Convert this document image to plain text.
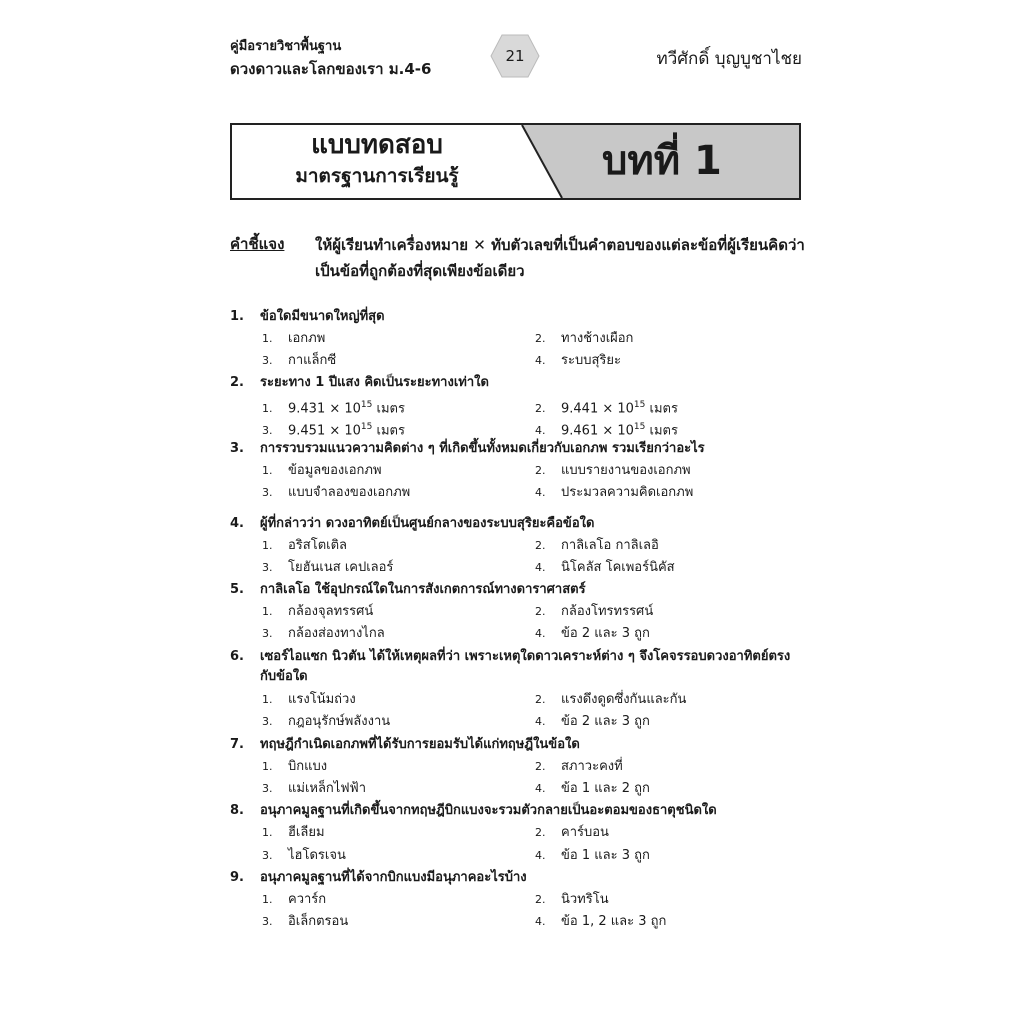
คู่มือรายวิชาพื้นฐาน
ดวงดาวและโลกของเรา ม.4-6
21	ทวีศักดิ์ บุญบูชาไชย
แบบทดสอบ
มาตรฐานการเรียนรู้	บทที่ 1
คำชี้แจง ให้ผู้เรียนทำเครื่องหมาย ✕ ทับตัวเลขที่เป็นคำตอบของแต่ละข้อที่ผู้เรียนคิดว่าเป็นข้อที่ถูกต้องที่สุดเพียงข้อเดียว
1. ข้อใดมีขนาดใหญ่ที่สุด
1. เอกภพ	2. ทางช้างเผือก
3. กาแล็กซี	4. ระบบสุริยะ
2. ระยะทาง 1 ปีแสง คิดเป็นระยะทางเท่าใด
1. $9.431 \times 10^{15}$ เมตร	2. $9.441 \times 10^{15}$ เมตร
3. $9.451 \times 10^{15}$ เมตร	4. $9.461 \times 10^{15}$ เมตร
3. การรวบรวมแนวความคิดต่าง ๆ ที่เกิดขึ้นทั้งหมดเกี่ยวกับเอกภพ รวมเรียกว่าอะไร
1. ข้อมูลของเอกภพ	2. แบบรายงานของเอกภพ
3. แบบจำลองของเอกภพ	4. ประมวลความคิดเอกภพ
4. ผู้ที่กล่าวว่า ดวงอาทิตย์เป็นศูนย์กลางของระบบสุริยะคือข้อใด
1. อริสโตเติล	2. กาลิเลโอ กาลิเลอิ
3. โยฮันเนส เคปเลอร์	4. นิโคลัส โคเพอร์นิคัส
5. กาลิเลโอ ใช้อุปกรณ์ใดในการสังเกตการณ์ทางดาราศาสตร์
1. กล้องจุลทรรศน์	2. กล้องโทรทรรศน์
3. กล้องส่องทางไกล	4. ข้อ 2 และ 3 ถูก
6. เซอร์ไอแซก นิวตัน ได้ให้เหตุผลที่ว่า เพราะเหตุใดดาวเคราะห์ต่าง ๆ จึงโคจรรอบดวงอาทิตย์ตรงกับข้อใด
1. แรงโน้มถ่วง	2. แรงดึงดูดซึ่งกันและกัน
3. กฎอนุรักษ์พลังงาน	4. ข้อ 2 และ 3 ถูก
7. ทฤษฎีกำเนิดเอกภพที่ได้รับการยอมรับได้แก่ทฤษฎีในข้อใด
1. บิกแบง	2. สภาวะคงที่
3. แม่เหล็กไฟฟ้า	4. ข้อ 1 และ 2 ถูก
8. อนุภาคมูลฐานที่เกิดขึ้นจากทฤษฎีบิกแบงจะรวมตัวกลายเป็นอะตอมของธาตุชนิดใด
1. ฮีเลียม	2. คาร์บอน
3. ไฮโดรเจน	4. ข้อ 1 และ 3 ถูก
9. อนุภาคมูลฐานที่ได้จากบิกแบงมีอนุภาคอะไรบ้าง
1. ควาร์ก	2. นิวทริโน
3. อิเล็กตรอน	4. ข้อ 1, 2 และ 3 ถูก
